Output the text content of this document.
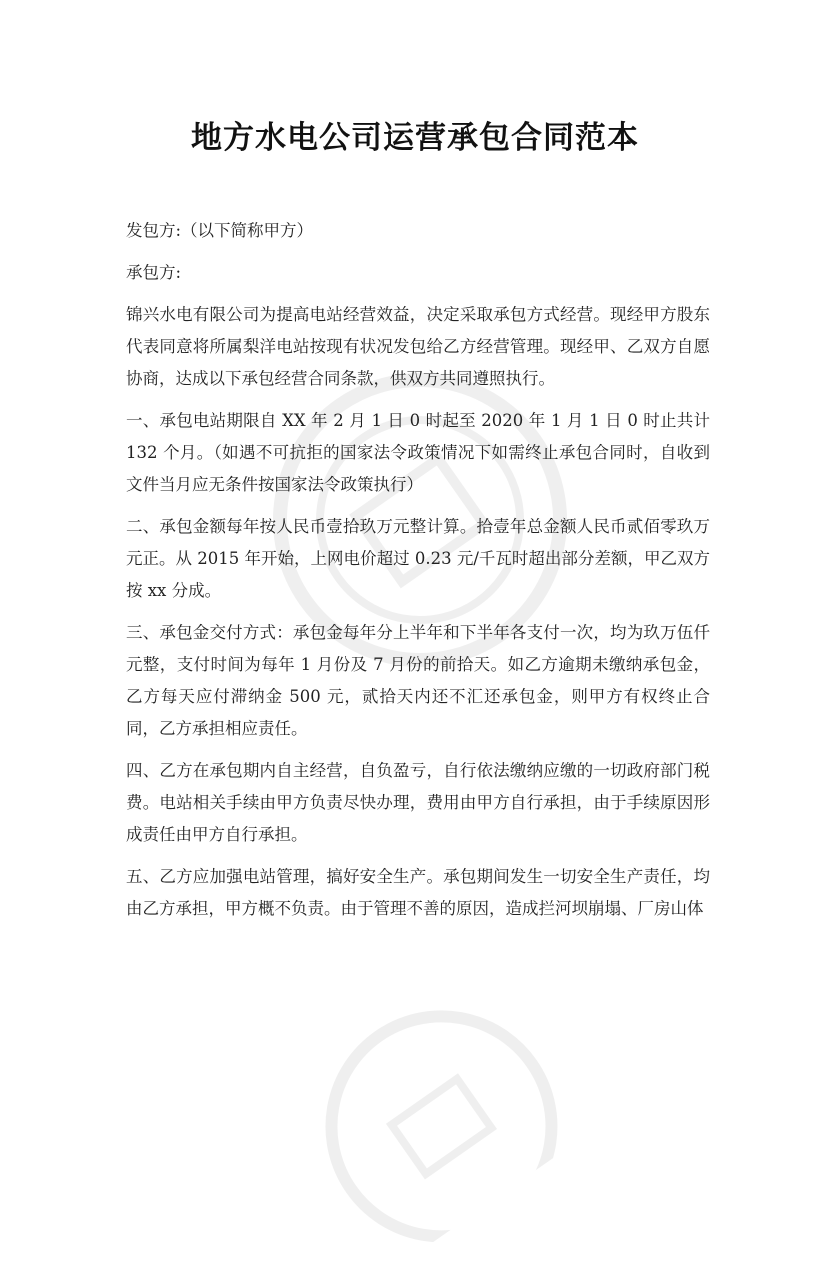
地方水电公司运营承包合同范本

发包方:（以下简称甲方）

承包方:

锦兴水电有限公司为提高电站经营效益，决定采取承包方式经营。现经甲方股东代表同意将所属梨洋电站按现有状况发包给乙方经营管理。现经甲、乙双方自愿协商，达成以下承包经营合同条款，供双方共同遵照执行。

一、承包电站期限自 XX 年 2 月 1 日 0 时起至 2020 年 1 月 1 日 0 时止共计 132 个月。（如遇不可抗拒的国家法令政策情况下如需终止承包合同时，自收到文件当月应无条件按国家法令政策执行）

二、承包金额每年按人民币壹拾玖万元整计算。拾壹年总金额人民币贰佰零玖万元正。从 2015 年开始，上网电价超过 0.23 元/千瓦时超出部分差额，甲乙双方按 xx 分成。

三、承包金交付方式：承包金每年分上半年和下半年各支付一次，均为玖万伍仟元整，支付时间为每年 1 月份及 7 月份的前拾天。如乙方逾期未缴纳承包金，乙方每天应付滞纳金 500 元，贰拾天内还不汇还承包金，则甲方有权终止合同，乙方承担相应责任。

四、乙方在承包期内自主经营，自负盈亏，自行依法缴纳应缴的一切政府部门税费。电站相关手续由甲方负责尽快办理，费用由甲方自行承担，由于手续原因形成责任由甲方自行承担。

五、乙方应加强电站管理，搞好安全生产。承包期间发生一切安全生产责任，均由乙方承担，甲方概不负责。由于管理不善的原因，造成拦河坝崩塌、厂房山体
